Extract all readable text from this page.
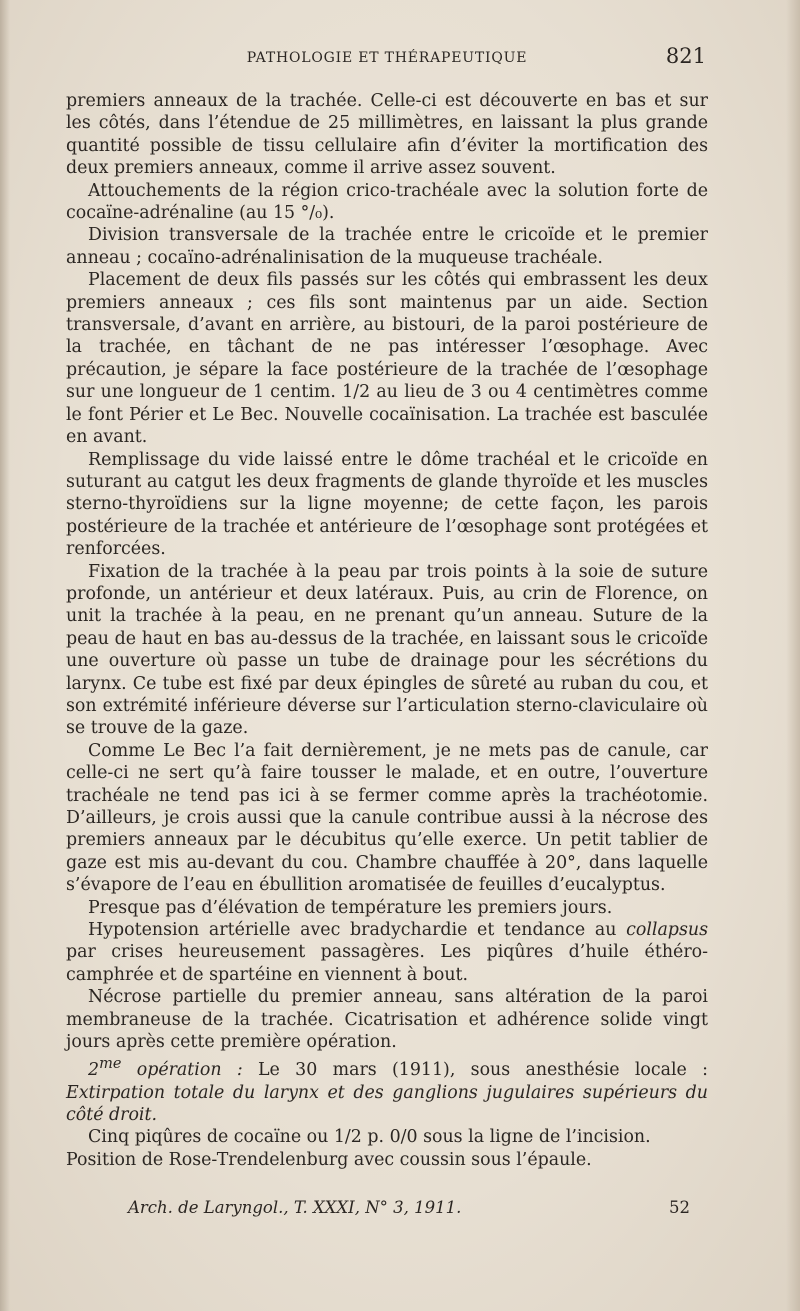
PATHOLOGIE ET THÉRAPEUTIQUE	821

premiers anneaux de la trachée. Celle-ci est découverte en bas et sur les côtés, dans l’étendue de 25 millimètres, en laissant la plus grande quantité possible de tissu cellulaire afin d’éviter la mortification des deux premiers anneaux, comme il arrive assez souvent.

Attouchements de la région crico-trachéale avec la solution forte de cocaïne-adrénaline (au 15 °/₀).

Division transversale de la trachée entre le cricoïde et le premier anneau ; cocaïno-adrénalinisation de la muqueuse trachéale.

Placement de deux fils passés sur les côtés qui embrassent les deux premiers anneaux ; ces fils sont maintenus par un aide. Section transversale, d’avant en arrière, au bistouri, de la paroi postérieure de la trachée, en tâchant de ne pas intéresser l’œsophage. Avec précaution, je sépare la face postérieure de la trachée de l’œsophage sur une longueur de 1 centim. 1/2 au lieu de 3 ou 4 centimètres comme le font Périer et Le Bec. Nouvelle cocaïnisation. La trachée est basculée en avant.

Remplissage du vide laissé entre le dôme trachéal et le cricoïde en suturant au catgut les deux fragments de glande thyroïde et les muscles sterno-thyroïdiens sur la ligne moyenne; de cette façon, les parois postérieure de la trachée et antérieure de l’œsophage sont protégées et renforcées.

Fixation de la trachée à la peau par trois points à la soie de suture profonde, un antérieur et deux latéraux. Puis, au crin de Florence, on unit la trachée à la peau, en ne prenant qu’un anneau. Suture de la peau de haut en bas au-dessus de la trachée, en laissant sous le cricoïde une ouverture où passe un tube de drainage pour les sécrétions du larynx. Ce tube est fixé par deux épingles de sûreté au ruban du cou, et son extrémité inférieure déverse sur l’articulation sterno-claviculaire où se trouve de la gaze.

Comme Le Bec l’a fait dernièrement, je ne mets pas de canule, car celle-ci ne sert qu’à faire tousser le malade, et en outre, l’ouverture trachéale ne tend pas ici à se fermer comme après la trachéotomie. D’ailleurs, je crois aussi que la canule contribue aussi à la nécrose des premiers anneaux par le décubitus qu’elle exerce. Un petit tablier de gaze est mis au-devant du cou. Chambre chauffée à 20°, dans laquelle s’évapore de l’eau en ébullition aromatisée de feuilles d’eucalyptus.

Presque pas d’élévation de température les premiers jours.

Hypotension artérielle avec bradychardie et tendance au collapsus par crises heureusement passagères. Les piqûres d’huile éthéro-camphrée et de spartéine en viennent à bout.

Nécrose partielle du premier anneau, sans altération de la paroi membraneuse de la trachée. Cicatrisation et adhérence solide vingt jours après cette première opération.

$2^{me}$ opération : Le 30 mars (1911), sous anesthésie locale : Extirpation totale du larynx et des ganglions jugulaires supérieurs du côté droit.

Cinq piqûres de cocaïne ou 1/2 p. 0/0 sous la ligne de l’incision.

Position de Rose-Trendelenburg avec coussin sous l’épaule.

Arch. de Laryngol., T. XXXI, N° 3, 1911.	52
